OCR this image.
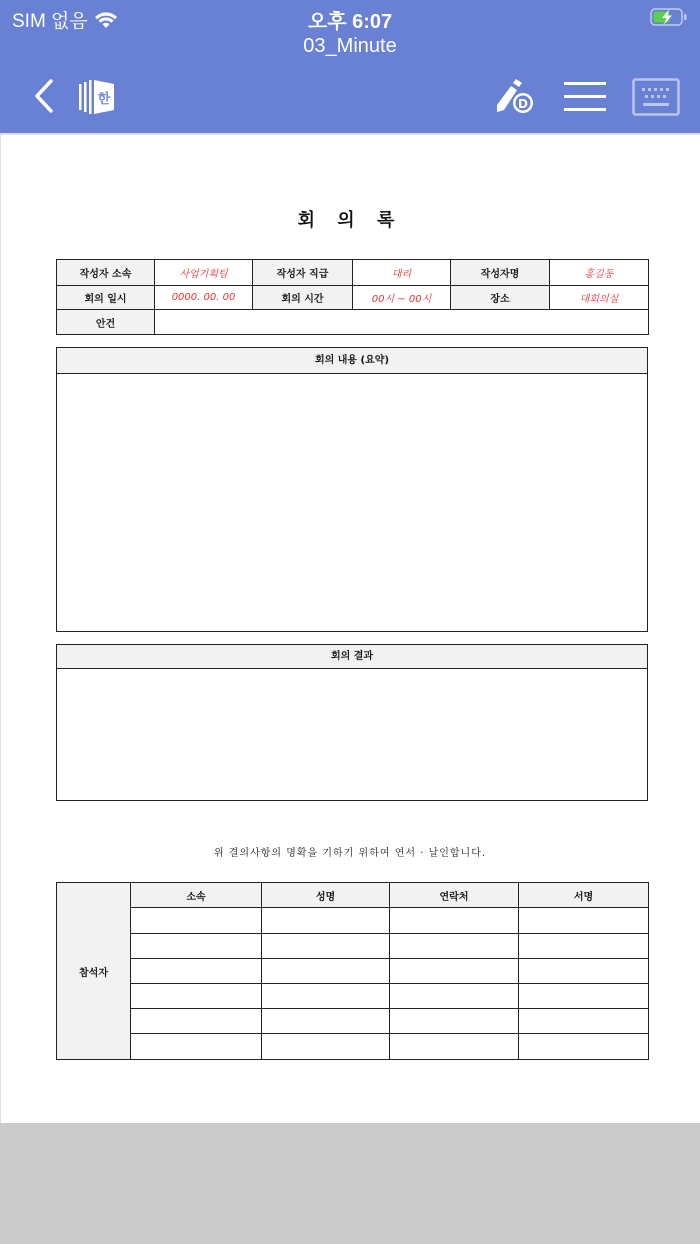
SIM 없음	오후 6:07
03_Minute
한	D
회 의 록
작성자 소속	사업기획팀	작성자 직급	대리	작성자명	홍길동
회의 일시	0000. 00. 00	회의 시간	00시 ~ 00시	장소	대회의실
안건					
회의 내용 (요약)
회의 결과
위 결의사항의 명확을 기하기 위하여 연서 · 날인합니다.
참석자	소속	성명	연락처	서명
